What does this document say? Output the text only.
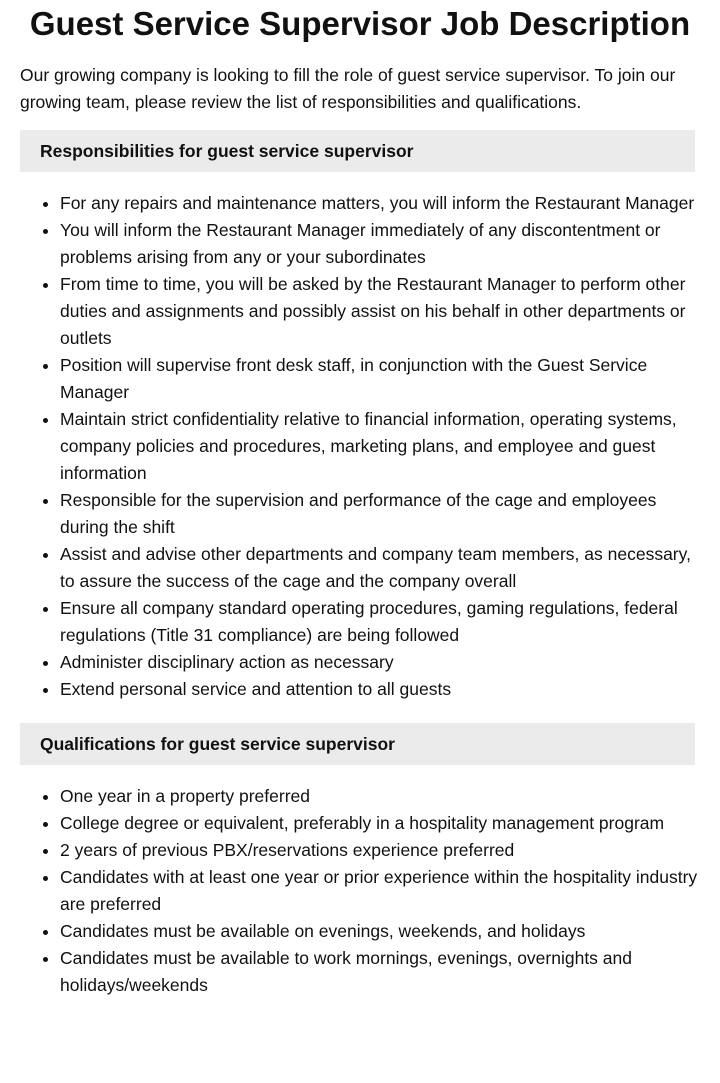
Guest Service Supervisor Job Description

Our growing company is looking to fill the role of guest service supervisor. To join our growing team, please review the list of responsibilities and qualifications.

Responsibilities for guest service supervisor
• For any repairs and maintenance matters, you will inform the Restaurant Manager
• You will inform the Restaurant Manager immediately of any discontentment or problems arising from any or your subordinates
• From time to time, you will be asked by the Restaurant Manager to perform other duties and assignments and possibly assist on his behalf in other departments or outlets
• Position will supervise front desk staff, in conjunction with the Guest Service Manager
• Maintain strict confidentiality relative to financial information, operating systems, company policies and procedures, marketing plans, and employee and guest information
• Responsible for the supervision and performance of the cage and employees during the shift
• Assist and advise other departments and company team members, as necessary, to assure the success of the cage and the company overall
• Ensure all company standard operating procedures, gaming regulations, federal regulations (Title 31 compliance) are being followed
• Administer disciplinary action as necessary
• Extend personal service and attention to all guests
Qualifications for guest service supervisor
• One year in a property preferred
• College degree or equivalent, preferably in a hospitality management program
• 2 years of previous PBX/reservations experience preferred
• Candidates with at least one year or prior experience within the hospitality industry are preferred
• Candidates must be available on evenings, weekends, and holidays
• Candidates must be available to work mornings, evenings, overnights and holidays/weekends
